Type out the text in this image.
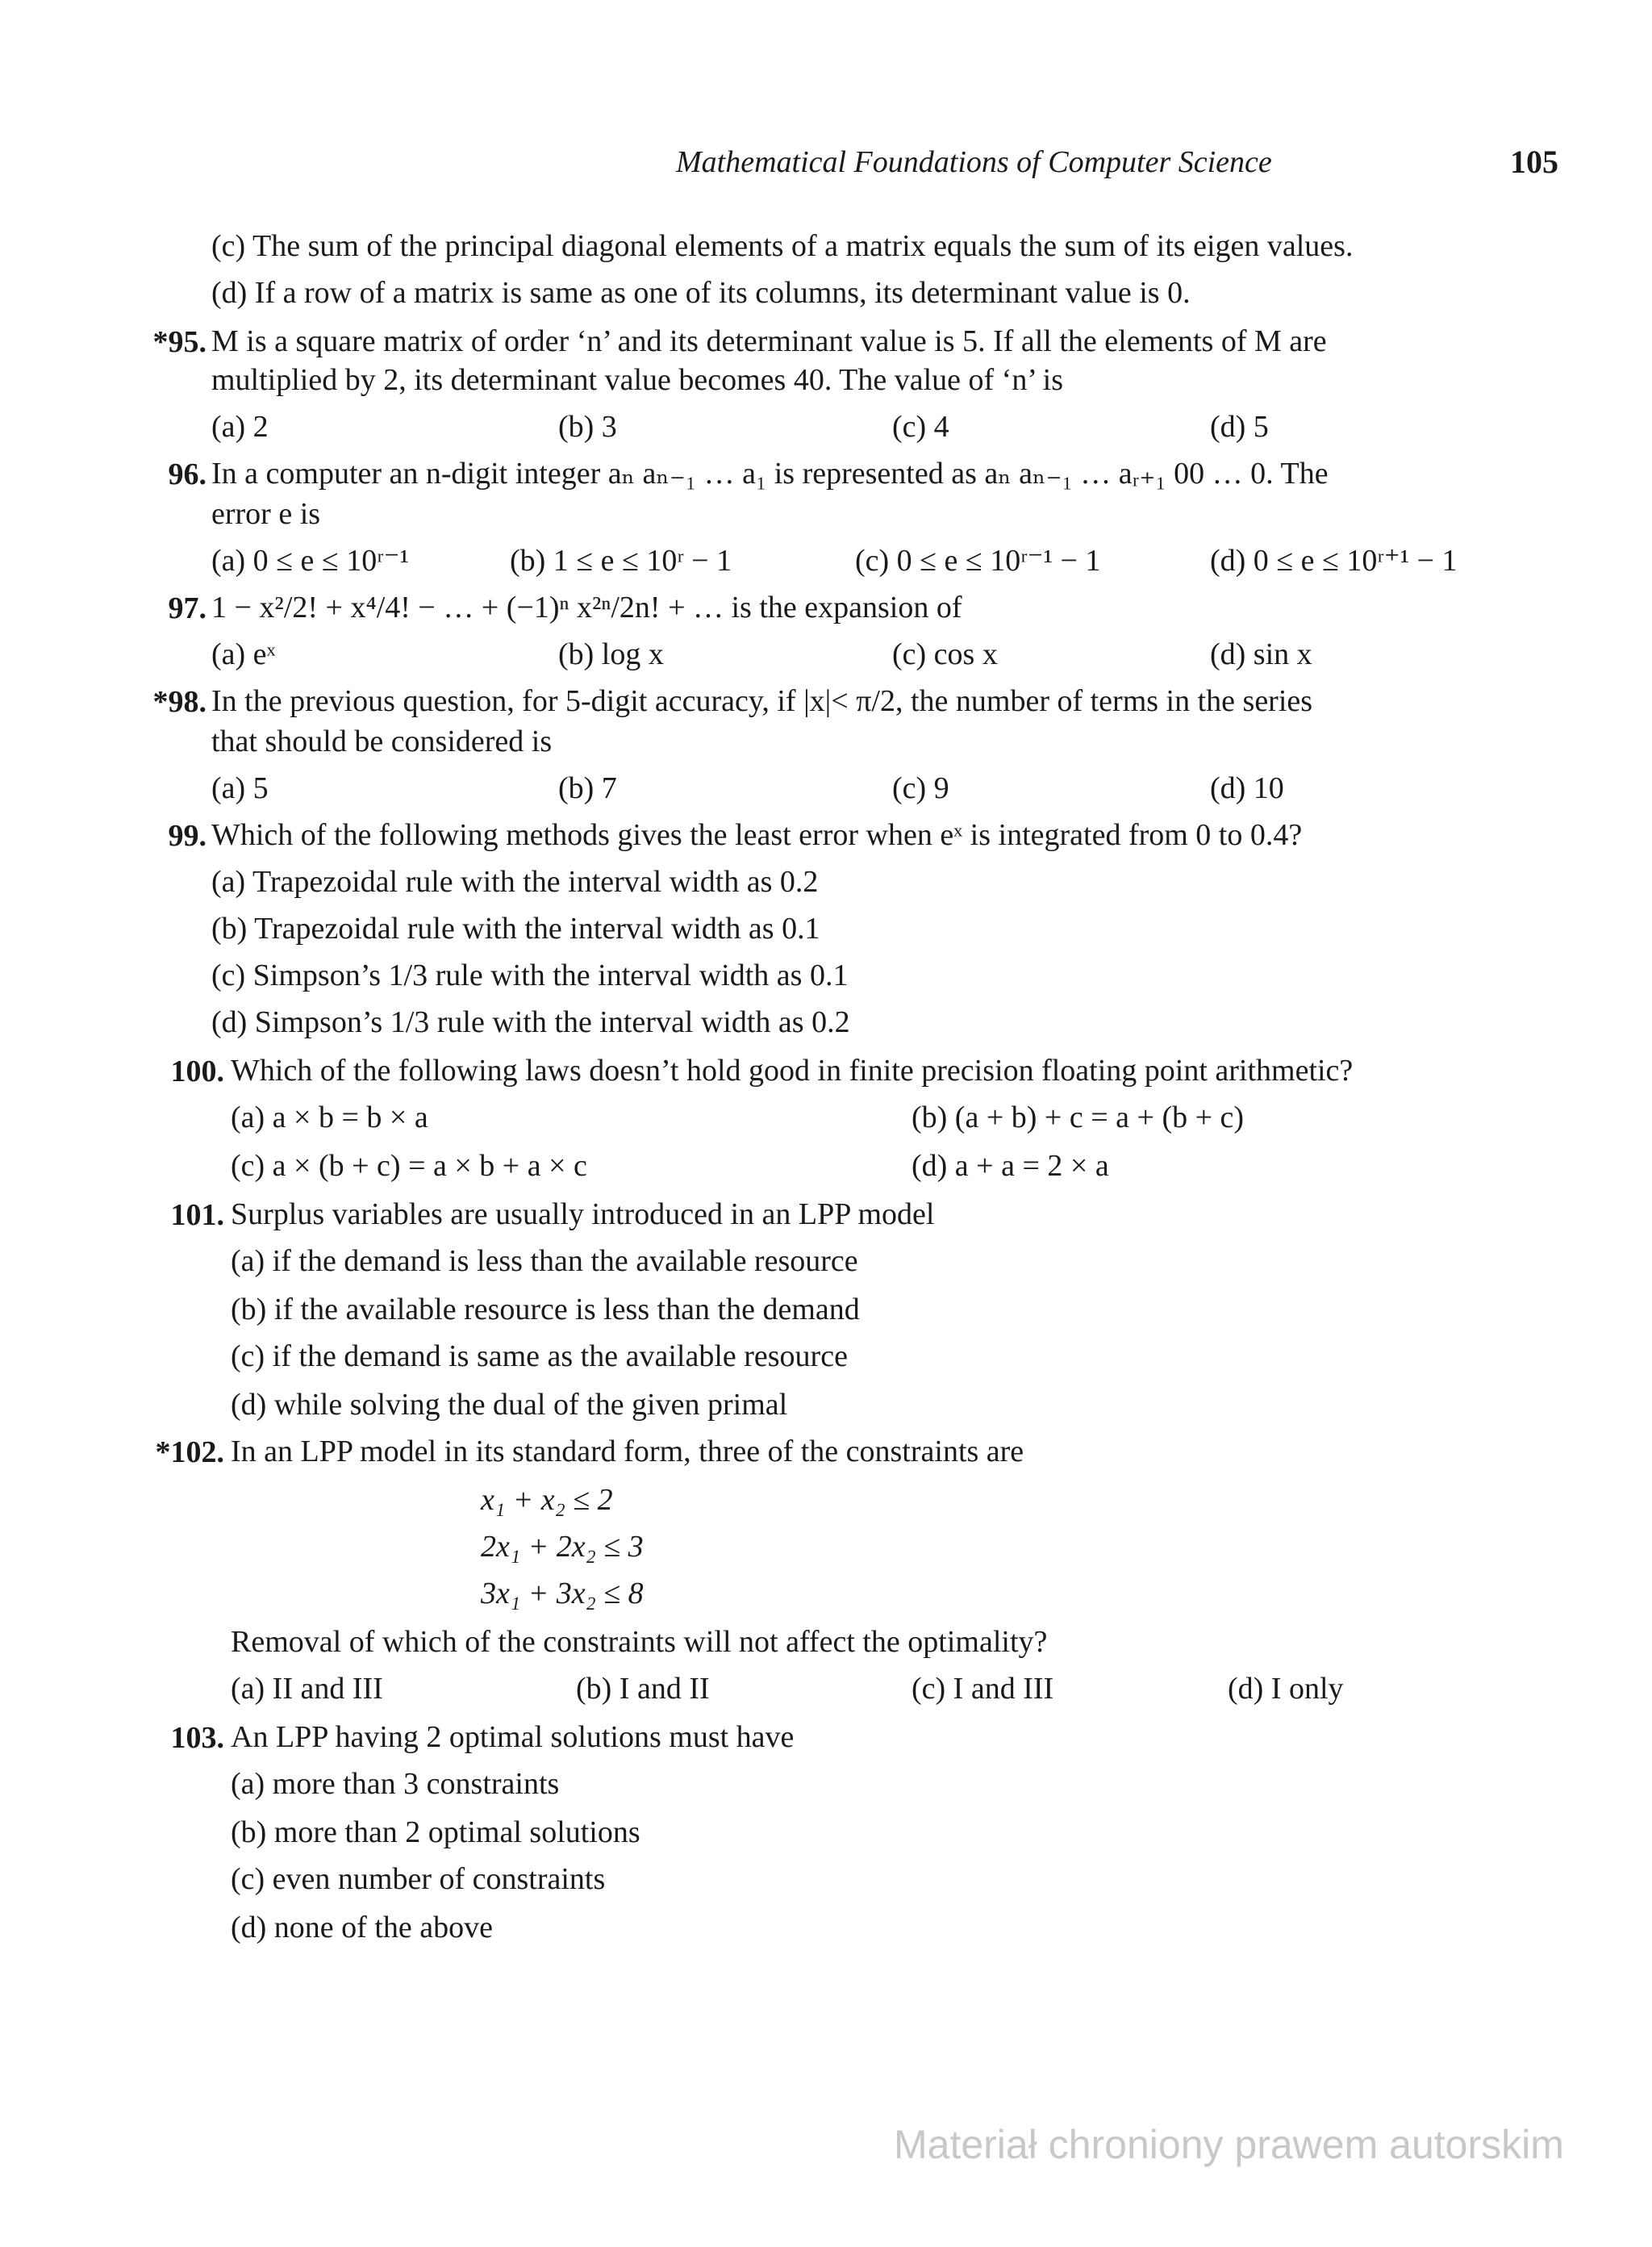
Mathematical Foundations of Computer Science	105
(c) The sum of the principal diagonal elements of a matrix equals the sum of its eigen values.
(d) If a row of a matrix is same as one of its columns, its determinant value is 0.
*95. M is a square matrix of order ‘n’ and its determinant value is 5. If all the elements of M are
multiplied by 2, its determinant value becomes 40. The value of ‘n’ is
(a) 2	(b) 3	(c) 4	(d) 5
96. In a computer an n-digit integer aₙ aₙ₋₁ … a₁ is represented as aₙ aₙ₋₁ … aᵣ₊₁ 00 … 0. The
error e is
(a) 0 ≤ e ≤ 10ʳ⁻¹	(b) 1 ≤ e ≤ 10ʳ − 1	(c) 0 ≤ e ≤ 10ʳ⁻¹ − 1	(d) 0 ≤ e ≤ 10ʳ⁺¹ − 1
97. 1 − x²/2! + x⁴/4! − … + (−1)ⁿ x²ⁿ/2n! + … is the expansion of
(a) eˣ	(b) log x	(c) cos x	(d) sin x
*98. In the previous question, for 5-digit accuracy, if |x|< π/2, the number of terms in the series
that should be considered is
(a) 5	(b) 7	(c) 9	(d) 10
99. Which of the following methods gives the least error when eˣ is integrated from 0 to 0.4?
(a) Trapezoidal rule with the interval width as 0.2
(b) Trapezoidal rule with the interval width as 0.1
(c) Simpson’s 1/3 rule with the interval width as 0.1
(d) Simpson’s 1/3 rule with the interval width as 0.2
100. Which of the following laws doesn’t hold good in finite precision floating point arithmetic?
(a) a × b = b × a	(b) (a + b) + c = a + (b + c)
(c) a × (b + c) = a × b + a × c	(d) a + a = 2 × a
101. Surplus variables are usually introduced in an LPP model
(a) if the demand is less than the available resource
(b) if the available resource is less than the demand
(c) if the demand is same as the available resource
(d) while solving the dual of the given primal
*102. In an LPP model in its standard form, three of the constraints are
x₁ + x₂ ≤ 2
2x₁ + 2x₂ ≤ 3
3x₁ + 3x₂ ≤ 8
Removal of which of the constraints will not affect the optimality?
(a) II and III	(b) I and II	(c) I and III	(d) I only
103. An LPP having 2 optimal solutions must have
(a) more than 3 constraints
(b) more than 2 optimal solutions
(c) even number of constraints
(d) none of the above
Materiał chroniony prawem autorskim
